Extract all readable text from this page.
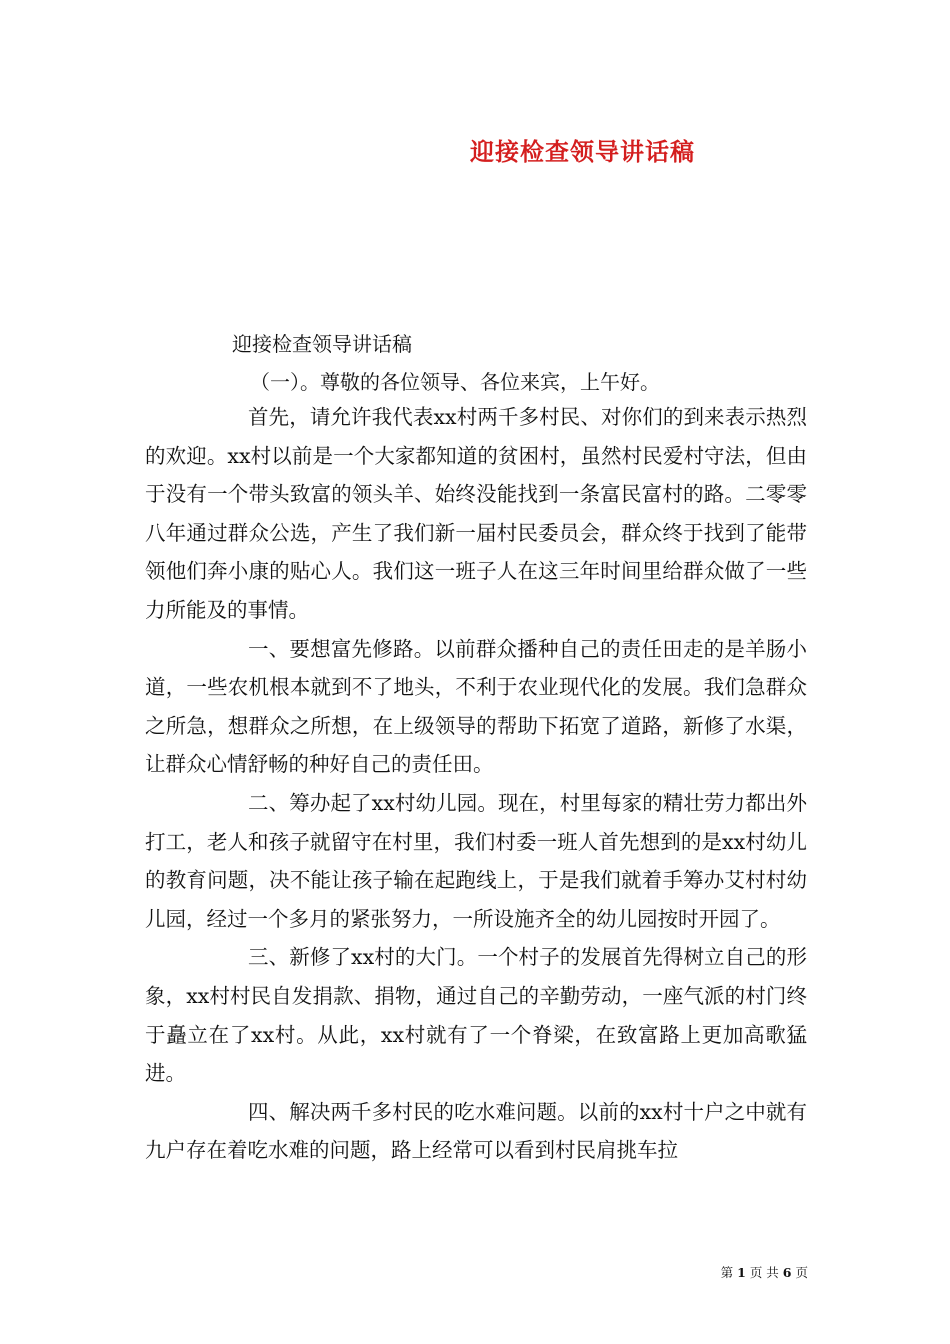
迎接检查领导讲话稿
迎接检查领导讲话稿
（一）。尊敬的各位领导、各位来宾，上午好。

首先，请允许我代表xx村两千多村民、对你们的到来表示热烈的欢迎。xx村以前是一个大家都知道的贫困村，虽然村民爱村守法，但由于没有一个带头致富的领头羊、始终没能找到一条富民富村的路。二零零八年通过群众公选，产生了我们新一届村民委员会，群众终于找到了能带领他们奔小康的贴心人。我们这一班子人在这三年时间里给群众做了一些力所能及的事情。

一、要想富先修路。以前群众播种自己的责任田走的是羊肠小道，一些农机根本就到不了地头，不利于农业现代化的发展。我们急群众之所急，想群众之所想，在上级领导的帮助下拓宽了道路，新修了水渠，让群众心情舒畅的种好自己的责任田。

二、筹办起了xx村幼儿园。现在，村里每家的精壮劳力都出外打工，老人和孩子就留守在村里，我们村委一班人首先想到的是xx村幼儿的教育问题，决不能让孩子输在起跑线上，于是我们就着手筹办艾村村幼儿园，经过一个多月的紧张努力，一所设施齐全的幼儿园按时开园了。

三、新修了xx村的大门。一个村子的发展首先得树立自己的形象，xx村村民自发捐款、捐物，通过自己的辛勤劳动，一座气派的村门终于矗立在了xx村。从此，xx村就有了一个脊梁，在致富路上更加高歌猛进。

四、解决两千多村民的吃水难问题。以前的xx村十户之中就有九户存在着吃水难的问题，路上经常可以看到村民肩挑车拉

第 1 页 共 6 页
